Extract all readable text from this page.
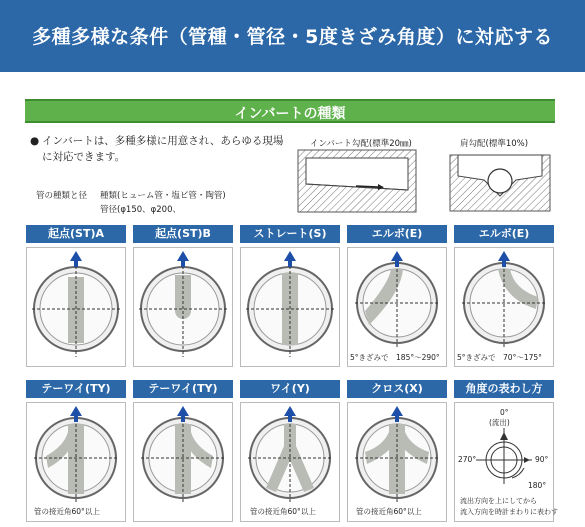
多種多様な条件（管種・管径・5度きざみ角度）に対応する
インバートの種類
● インバートは、多種多様に用意され、あらゆる現場に対応できます。
管の種類と径 種類(ヒューム管・塩ビ管・陶管)
管径(φ150、φ200、
インバート勾配(標準20㎜)	肩勾配(標準10%)
起点(ST)A	起点(ST)B	ストレート(S)	エルボ(E)	エルボ(E)
5°きざみで　185°～290° 5°きざみで　70°～175°
テーワイ(TY)	テーワイ(TY)	ワイ(Y)	クロス(X)	角度の表わし方
管の接近角60°以上	管の接近角60°以上	管の接近角60°以上
0°
(流出)
270°	90°
180°
流出方向を上にしてから
流入方向を時計まわりに表わす
